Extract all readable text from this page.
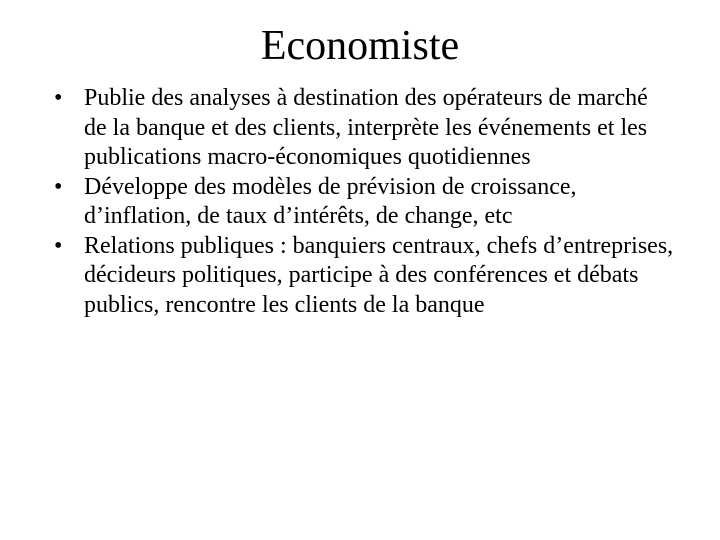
Economiste
• Publie des analyses à destination des opérateurs de marché de la banque et des clients, interprète les événements et les publications macro-économiques quotidiennes
• Développe des modèles de prévision de croissance, d’inflation, de taux d’intérêts, de change, etc
• Relations publiques : banquiers centraux, chefs d’entreprises, décideurs politiques, participe à des conférences et débats publics, rencontre les clients de la banque
